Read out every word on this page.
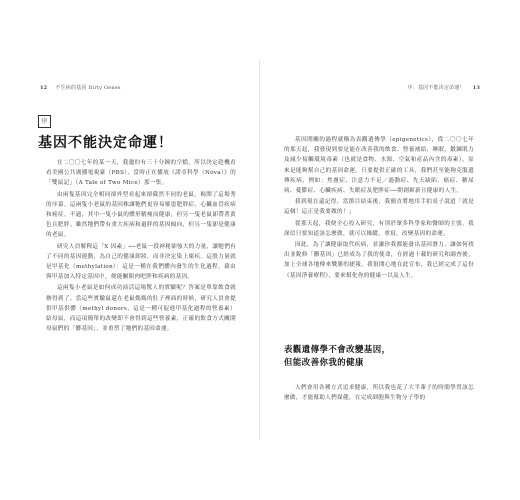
12 不生病的基因 Dirty Genes
序
基因不能決定命運！

在二〇〇七年的某一天，我邀約有三十分鐘的空檔，所以決定趁機看看美國公共廣播電視臺（PBS），當時正在播放《諾亞科學（Nova）》的「雙鼠記」（A Tale of Two Mice）那一集。

由兩隻基因完全相同卻外型看起來卻截然不同的老鼠，揭開了這場秀的序幕。這兩隻小老鼠的基因株讓牠們更容易罹患肥胖症、心臟血管疾病和癌症。不過，其中一隻小鼠的體形精瘦而健康，但另一隻老鼠卻帶著黃色且肥胖。雖然牠們帶有重大疾病和過胖的基因傾向，但另一隻卻是健康的老鼠。

研究人員解釋這「X 因素」──老鼠一段神秘卻強大的力量，讓牠們有了不同的基因運動，為自己的健康卸妝，而非決定染上壞疾。這股力量就是甲基化（methylation）：這是一種在我們體內發生的生化過程，藉由與甲基加入特定基因中，便能關閉肉吧胖和疾病的基因。

這兩隻小老鼠是如何成功演活這場驚人的實驗呢？答案是單靠飲食就辦得到了。當這些實驗鼠還在老鼠媽媽的肚子裡面的時候，研究人員會提供甲基供體（methyl donors，這是一種可促進甲基化過程的營養素）給母鼠，而這項簡單的改變即不會得到這些營養素，正確的飲食方式關閉母鼠們的「髒基因」，並重塑了牠們的基因命運。

序：基因不能決定命運！ 13

基因開關的過程就稱為表觀遺傳學（epigenetics），從二〇〇七年的那天起，我發現到要是能在改善我的飲食、營養補給、睡眠、鍛鍊肌力及減少接觸環境毒素（也就是食物、水源、空氣和產品內含的毒素），原來是能夠幫自己的基因命運，只要提供正確的工具，我們甚至能夠克服遺傳疾病，例如：焦慮症、注意力不足／過動症、先天缺陷、癌症、糖尿病、憂鬱症、心臟疾病、失眠症及肥胖症──開創嶄新且健康的人生。

我到現在還記得，當節目結束後，我簡直將地用手拍桌子說道「就是這個！這正是我要做的！」

從那天起，我便全心投入研究，有別於眾多科學家和醫師的主張，我深信只要知道該怎麼做，就可以操縱，重寫，改變基因的命運。

因此，為了讓健康取代疾病，並讓你我都能發出基因潛力，讓如何找出並銳修「髒基因」已經成為了我的使命，在經過十載的研究和調查後，加上全球各地傳來戰勝的捷報，我很開心地在此宣布，我已經完成了這份《基因淨養療程》，要來幫化你的健康一以及人生。

表觀遺傳學不會改變基因，
但能改善你我的健康

人們會用各種方式追求健康，所以我也花了大半輩子的時間學習該怎麼做，才能幫助人們保健，在完成細胞與生物分子學的
